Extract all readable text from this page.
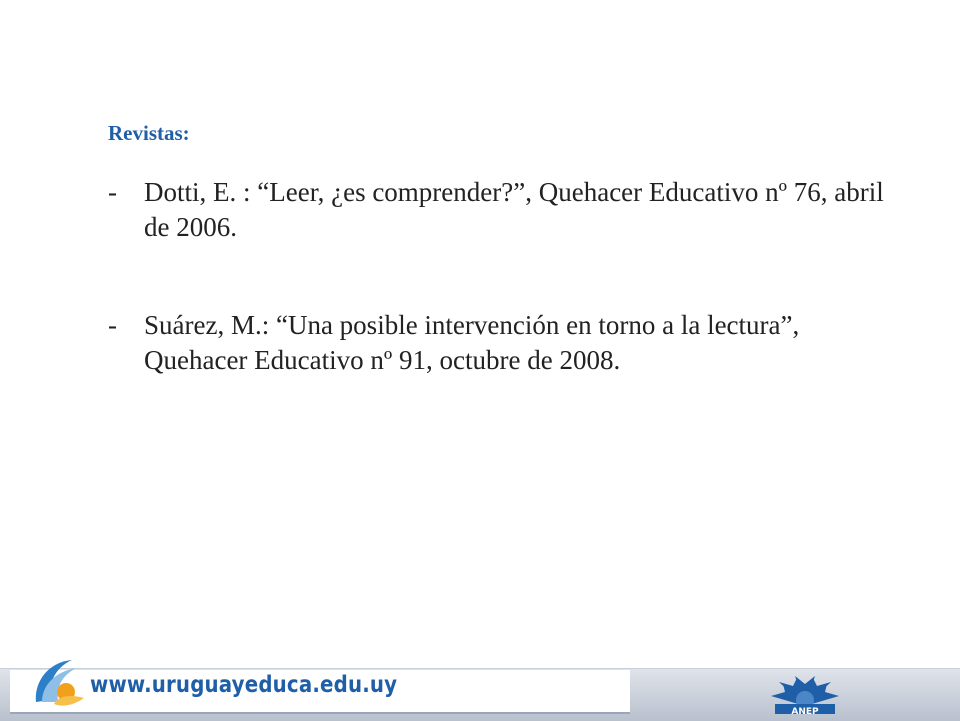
Revistas:
-	Dotti, E. : “Leer, ¿es comprender?”, Quehacer Educativo nº 76, abril de 2006.
-	Suárez, M.: “Una posible intervención en torno a la lectura”, Quehacer Educativo nº 91, octubre de 2008.
www.uruguayeduca.edu.uy
ANEP
